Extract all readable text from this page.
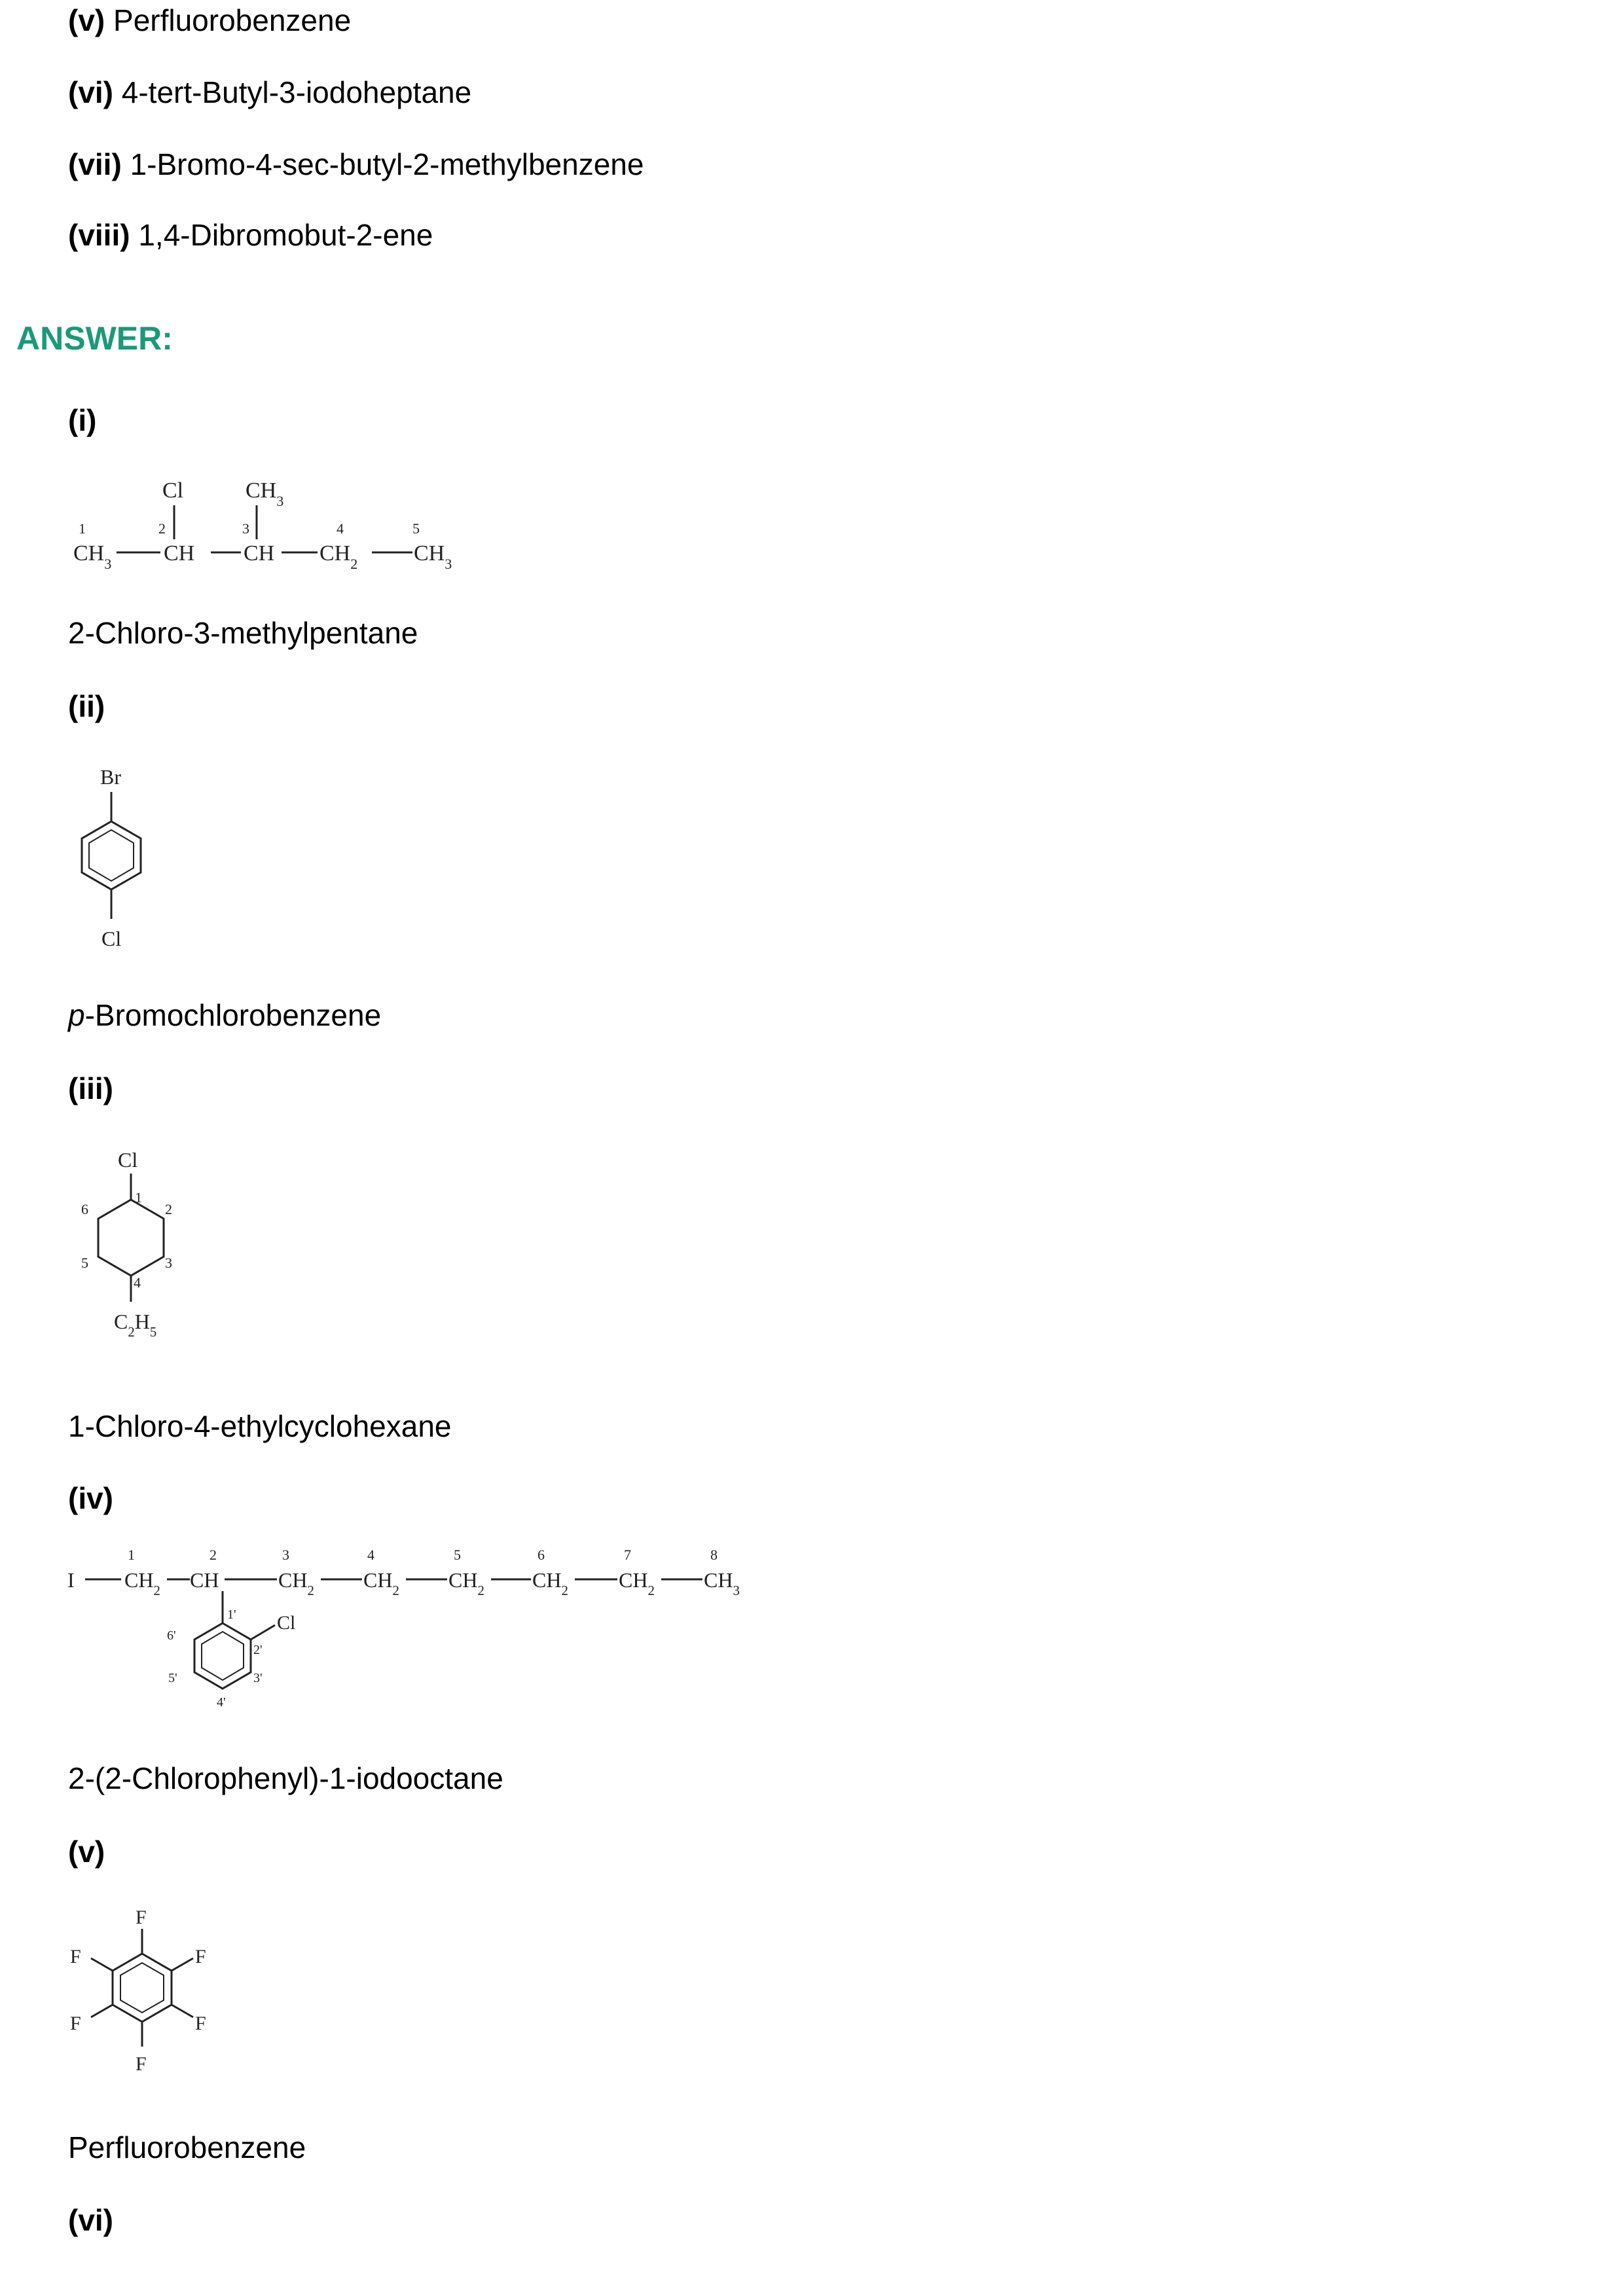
(v) Perfluorobenzene
(vi) 4-tert-Butyl-3-iodoheptane
(vii) 1-Bromo-4-sec-butyl-2-methylbenzene
(viii) 1,4-Dibromobut-2-ene
ANSWER:
(i)
Cl	$CH_3$
1	2	3	4	5
$CH_3$ CH CH $CH_2$	$CH_3$
2-Chloro-3-methylpentane
(ii)
Br
Cl
p-Bromochlorobenzene
(iii)
Cl
1
2
3
4
5
6
$C_2H_5$
1-Chloro-4-ethylcyclohexane
(iv)
I $CH_2$ CH	$CH_2$ $CH_2$ $CH_2$ $CH_2$ $CH_2$ $CH_3$
1	2	3	4	5	6	7	8
Cl
1'
2'
3'
4'
5'
6'
2-(2-Chlorophenyl)-1-iodooctane
(v)
F
F
F
F
F
F
Perfluorobenzene
(vi)
